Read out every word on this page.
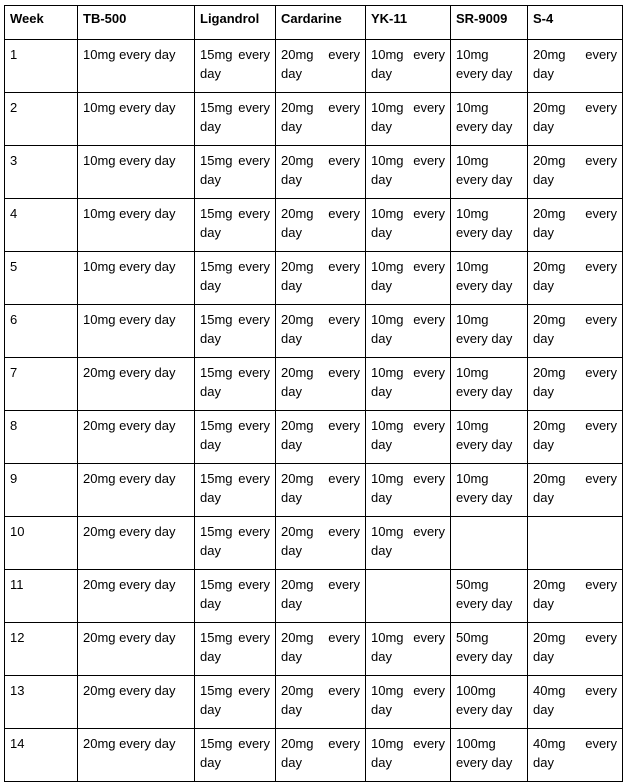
Week	TB-500	Ligandrol	Cardarine	YK-11	SR-9009	S-4

1	10mg every day	15mg every day	20mg every day	10mg every day	10mg every day	20mg every day

2	10mg every day	15mg every day	20mg every day	10mg every day	10mg every day	20mg every day

3	10mg every day	15mg every day	20mg every day	10mg every day	10mg every day	20mg every day

4	10mg every day	15mg every day	20mg every day	10mg every day	10mg every day	20mg every day

5	10mg every day	15mg every day	20mg every day	10mg every day	10mg every day	20mg every day

6	10mg every day	15mg every day	20mg every day	10mg every day	10mg every day	20mg every day

7	20mg every day	15mg every day	20mg every day	10mg every day	10mg every day	20mg every day

8	20mg every day	15mg every day	20mg every day	10mg every day	10mg every day	20mg every day

9	20mg every day	15mg every day	20mg every day	10mg every day	10mg every day	20mg every day

10	20mg every day	15mg every day	20mg every day	10mg every day		

11	20mg every day	15mg every day	20mg every day		50mg every day	20mg every day

12	20mg every day	15mg every day	20mg every day	10mg every day	50mg every day	20mg every day

13	20mg every day	15mg every day	20mg every day	10mg every day	100mg every day	40mg every day

14	20mg every day	15mg every day	20mg every day	10mg every day	100mg every day	40mg every day
